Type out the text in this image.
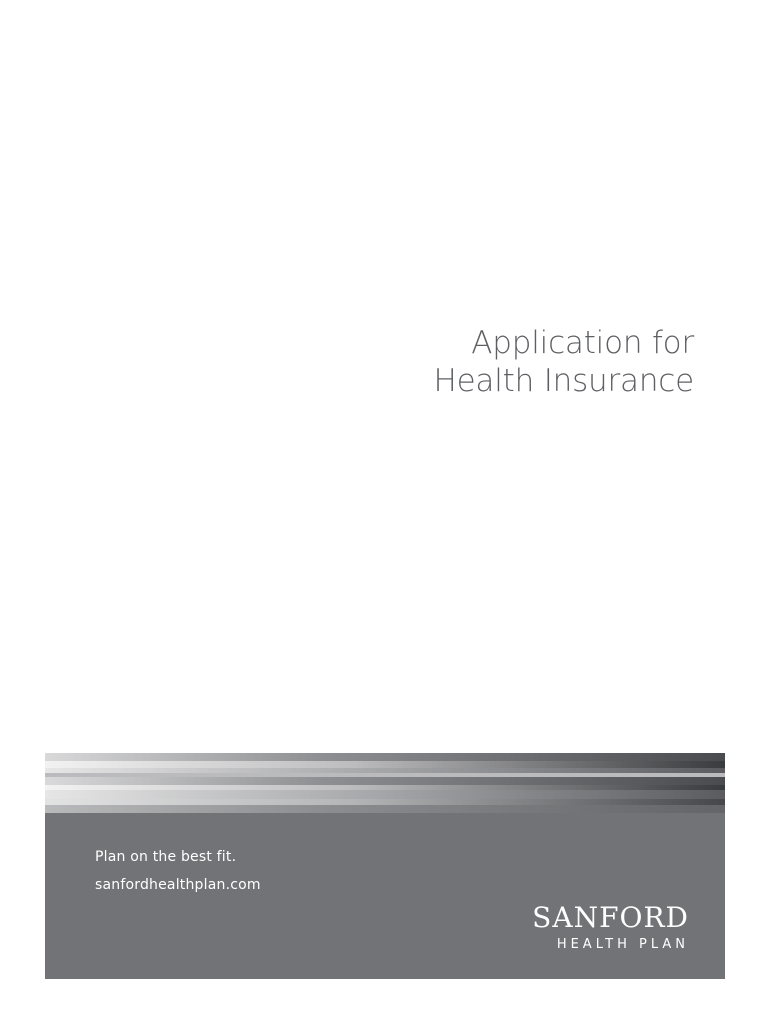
Application for
Health Insurance
Plan on the best fit.
sanfordhealthplan.com
SANFORD
HEALTH PLAN
